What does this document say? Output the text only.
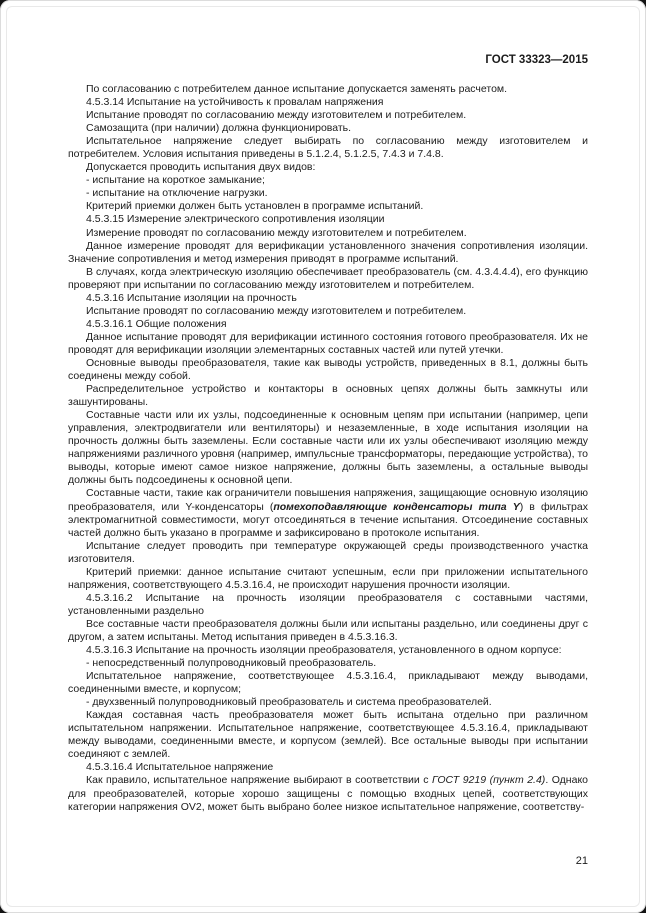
ГОСТ 33323—2015

По согласованию с потребителем данное испытание допускается заменять расчетом.

4.5.3.14 Испытание на устойчивость к провалам напряжения

Испытание проводят по согласованию между изготовителем и потребителем.

Самозащита (при наличии) должна функционировать.

Испытательное напряжение следует выбирать по согласованию между изготовителем и потребителем. Условия испытания приведены в 5.1.2.4, 5.1.2.5, 7.4.3 и 7.4.8.

Допускается проводить испытания двух видов:

- испытание на короткое замыкание;

- испытание на отключение нагрузки.

Критерий приемки должен быть установлен в программе испытаний.

4.5.3.15 Измерение электрического сопротивления изоляции

Измерение проводят по согласованию между изготовителем и потребителем.

Данное измерение проводят для верификации установленного значения сопротивления изоляции. Значение сопротивления и метод измерения приводят в программе испытаний.

В случаях, когда электрическую изоляцию обеспечивает преобразователь (см. 4.3.4.4.4), его функцию проверяют при испытании по согласованию между изготовителем и потребителем.

4.5.3.16 Испытание изоляции на прочность

Испытание проводят по согласованию между изготовителем и потребителем.

4.5.3.16.1 Общие положения

Данное испытание проводят для верификации истинного состояния готового преобразователя. Их не проводят для верификации изоляции элементарных составных частей или путей утечки.

Основные выводы преобразователя, такие как выводы устройств, приведенных в 8.1, должны быть соединены между собой.

Распределительное устройство и контакторы в основных цепях должны быть замкнуты или зашунтированы.

Составные части или их узлы, подсоединенные к основным цепям при испытании (например, цепи управления, электродвигатели или вентиляторы) и незаземленные, в ходе испытания изоляции на прочность должны быть заземлены. Если составные части или их узлы обеспечивают изоляцию между напряжениями различного уровня (например, импульсные трансформаторы, передающие устройства), то выводы, которые имеют самое низкое напряжение, должны быть заземлены, а остальные выводы должны быть подсоединены к основной цепи.

Составные части, такие как ограничители повышения напряжения, защищающие основную изоляцию преобразователя, или Y-конденсаторы (помехоподавляющие конденсаторы типа Y) в фильтрах электромагнитной совместимости, могут отсоединяться в течение испытания. Отсоединение составных частей должно быть указано в программе и зафиксировано в протоколе испытания.

Испытание следует проводить при температуре окружающей среды производственного участка изготовителя.

Критерий приемки: данное испытание считают успешным, если при приложении испытательного напряжения, соответствующего 4.5.3.16.4, не происходит нарушения прочности изоляции.

4.5.3.16.2 Испытание на прочность изоляции преобразователя с составными частями, установленными раздельно

Все составные части преобразователя должны были или испытаны раздельно, или соединены друг с другом, а затем испытаны. Метод испытания приведен в 4.5.3.16.3.

4.5.3.16.3 Испытание на прочность изоляции преобразователя, установленного в одном корпусе:

- непосредственный полупроводниковый преобразователь.

Испытательное напряжение, соответствующее 4.5.3.16.4, прикладывают между выводами, соединенными вместе, и корпусом;

- двухзвенный полупроводниковый преобразователь и система преобразователей.

Каждая составная часть преобразователя может быть испытана отдельно при различном испытательном напряжении. Испытательное напряжение, соответствующее 4.5.3.16.4, прикладывают между выводами, соединенными вместе, и корпусом (землей). Все остальные выводы при испытании соединяют с землей.

4.5.3.16.4 Испытательное напряжение

Как правило, испытательное напряжение выбирают в соответствии с ГОСТ 9219 (пункт 2.4). Однако для преобразователей, которые хорошо защищены с помощью входных цепей, соответствующих категории напряжения OV2, может быть выбрано более низкое испытательное напряжение, соответству-

21
